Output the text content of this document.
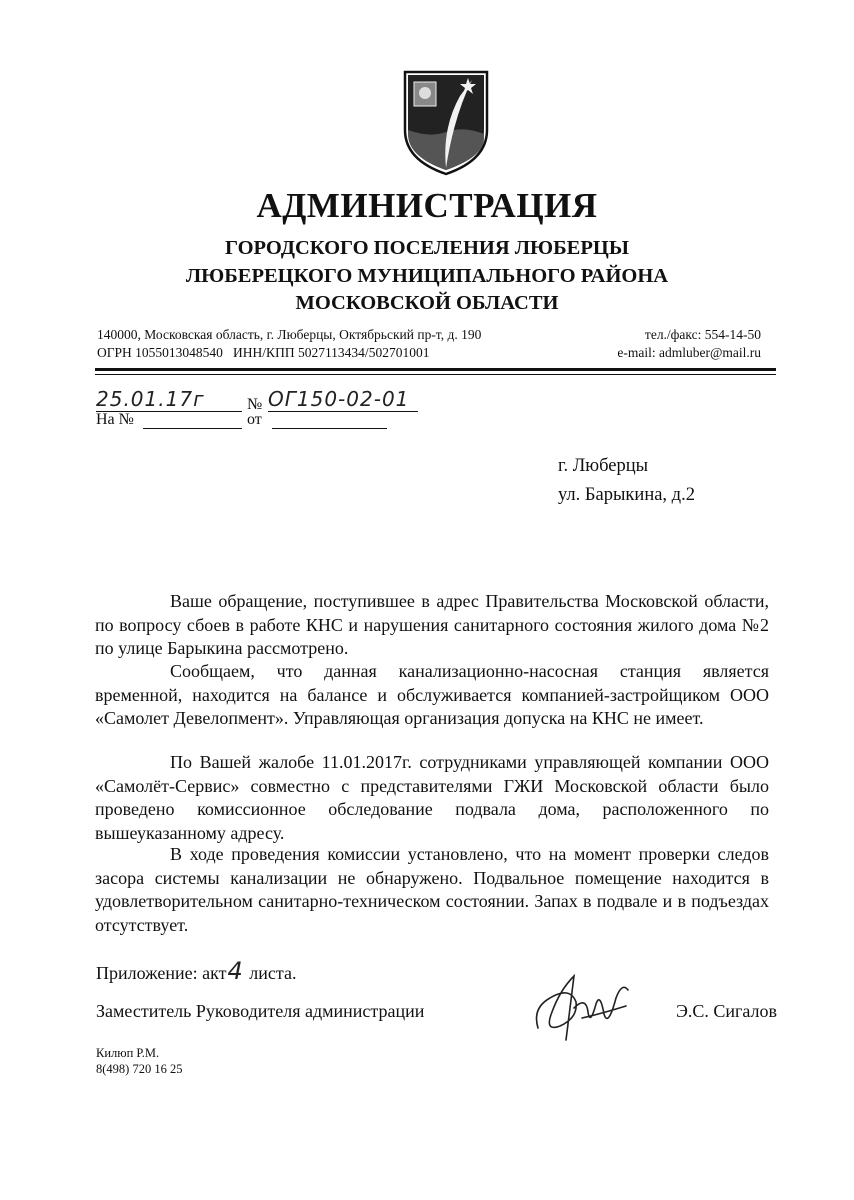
АДМИНИСТРАЦИЯ
ГОРОДСКОГО ПОСЕЛЕНИЯ ЛЮБЕРЦЫ
ЛЮБЕРЕЦКОГО МУНИЦИПАЛЬНОГО РАЙОНА
МОСКОВСКОЙ ОБЛАСТИ
140000, Московская область, г. Люберцы, Октябрьский пр-т, д. 190
ОГРН 1055013048540   ИНН/КПП 5027113434/502701001
тел./факс: 554-14-50
e-mail: admluber@mail.ru
25.01.17г	№ ОГ150-02-01
На №	от
г. Люберцы
ул. Барыкина, д.2

Ваше обращение, поступившее в адрес Правительства Московской области, по вопросу сбоев в работе КНС и нарушения санитарного состояния жилого дома №2 по улице Барыкина рассмотрено.

Сообщаем, что данная канализационно-насосная станция является временной, находится на балансе и обслуживается компанией-застройщиком ООО «Самолет Девелопмент». Управляющая организация допуска на КНС не имеет.

По Вашей жалобе 11.01.2017г. сотрудниками управляющей компании ООО «Самолёт-Сервис» совместно с представителями ГЖИ Московской области было проведено комиссионное обследование подвала дома, расположенного по вышеуказанному адресу.

В ходе проведения комиссии установлено, что на момент проверки следов засора системы канализации не обнаружено. Подвальное помещение находится в удовлетворительном санитарно-техническом состоянии. Запах в подвале и в подъездах отсутствует.

Приложение: акт4 листа.
Заместитель Руководителя администрации	Э.С. Сигалов
Килюп Р.М.
8(498) 720 16 25
